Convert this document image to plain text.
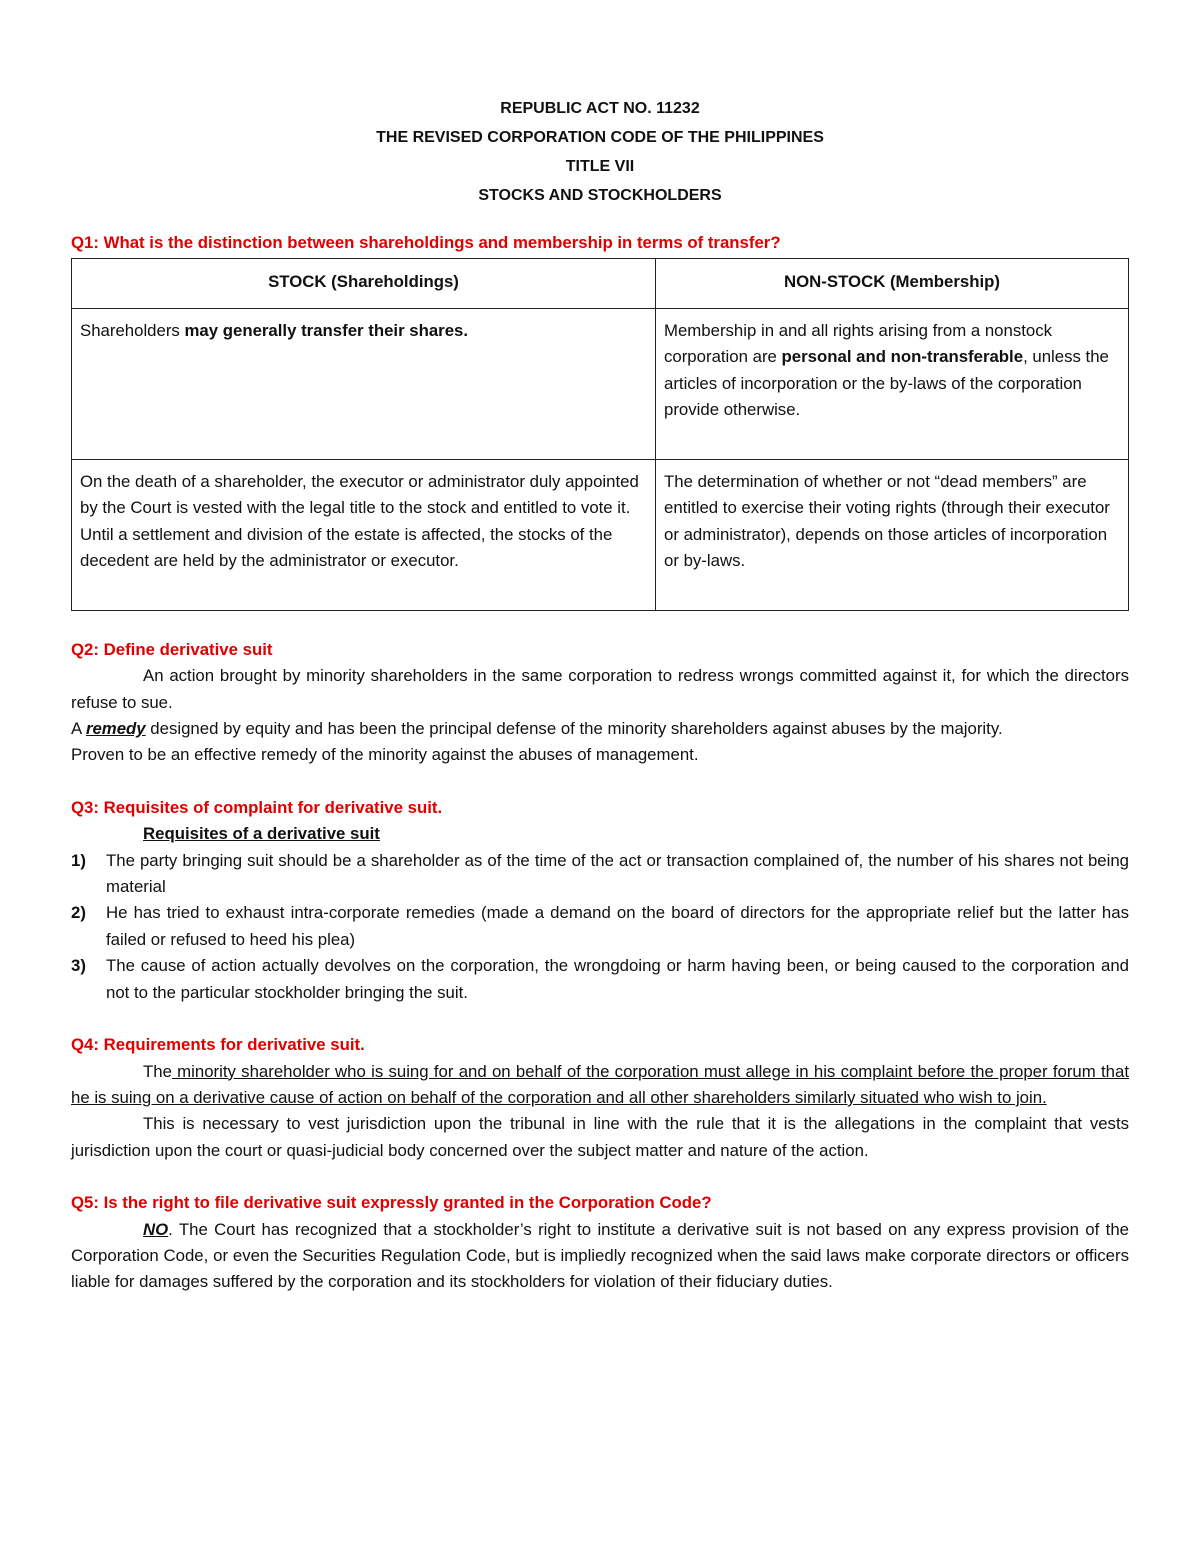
REPUBLIC ACT NO. 11232
THE REVISED CORPORATION CODE OF THE PHILIPPINES
TITLE VII
STOCKS AND STOCKHOLDERS

Q1: What is the distinction between shareholdings and membership in terms of transfer?

STOCK (Shareholdings)	NON-STOCK (Membership)
Shareholders may generally transfer their shares.	Membership in and all rights arising from a nonstock corporation are personal and non-transferable, unless the articles of incorporation or the by-laws of the corporation provide otherwise.
On the death of a shareholder, the executor or administrator duly appointed by the Court is vested with the legal title to the stock and entitled to vote it. Until a settlement and division of the estate is affected, the stocks of the decedent are held by the administrator or executor.	The determination of whether or not “dead members” are entitled to exercise their voting rights (through their executor or administrator), depends on those articles of incorporation or by-laws.

Q2: Define derivative suit

An action brought by minority shareholders in the same corporation to redress wrongs committed against it, for which the directors refuse to sue.

A remedy designed by equity and has been the principal defense of the minority shareholders against abuses by the majority.

Proven to be an effective remedy of the minority against the abuses of management.

Q3: Requisites of complaint for derivative suit.

Requisites of a derivative suit

1) The party bringing suit should be a shareholder as of the time of the act or transaction complained of, the number of his shares not being material
2) He has tried to exhaust intra-corporate remedies (made a demand on the board of directors for the appropriate relief but the latter has failed or refused to heed his plea)
3) The cause of action actually devolves on the corporation, the wrongdoing or harm having been, or being caused to the corporation and not to the particular stockholder bringing the suit.

Q4: Requirements for derivative suit.

The minority shareholder who is suing for and on behalf of the corporation must allege in his complaint before the proper forum that he is suing on a derivative cause of action on behalf of the corporation and all other shareholders similarly situated who wish to join.

This is necessary to vest jurisdiction upon the tribunal in line with the rule that it is the allegations in the complaint that vests jurisdiction upon the court or quasi-judicial body concerned over the subject matter and nature of the action.

Q5: Is the right to file derivative suit expressly granted in the Corporation Code?

NO. The Court has recognized that a stockholder’s right to institute a derivative suit is not based on any express provision of the Corporation Code, or even the Securities Regulation Code, but is impliedly recognized when the said laws make corporate directors or officers liable for damages suffered by the corporation and its stockholders for violation of their fiduciary duties.
